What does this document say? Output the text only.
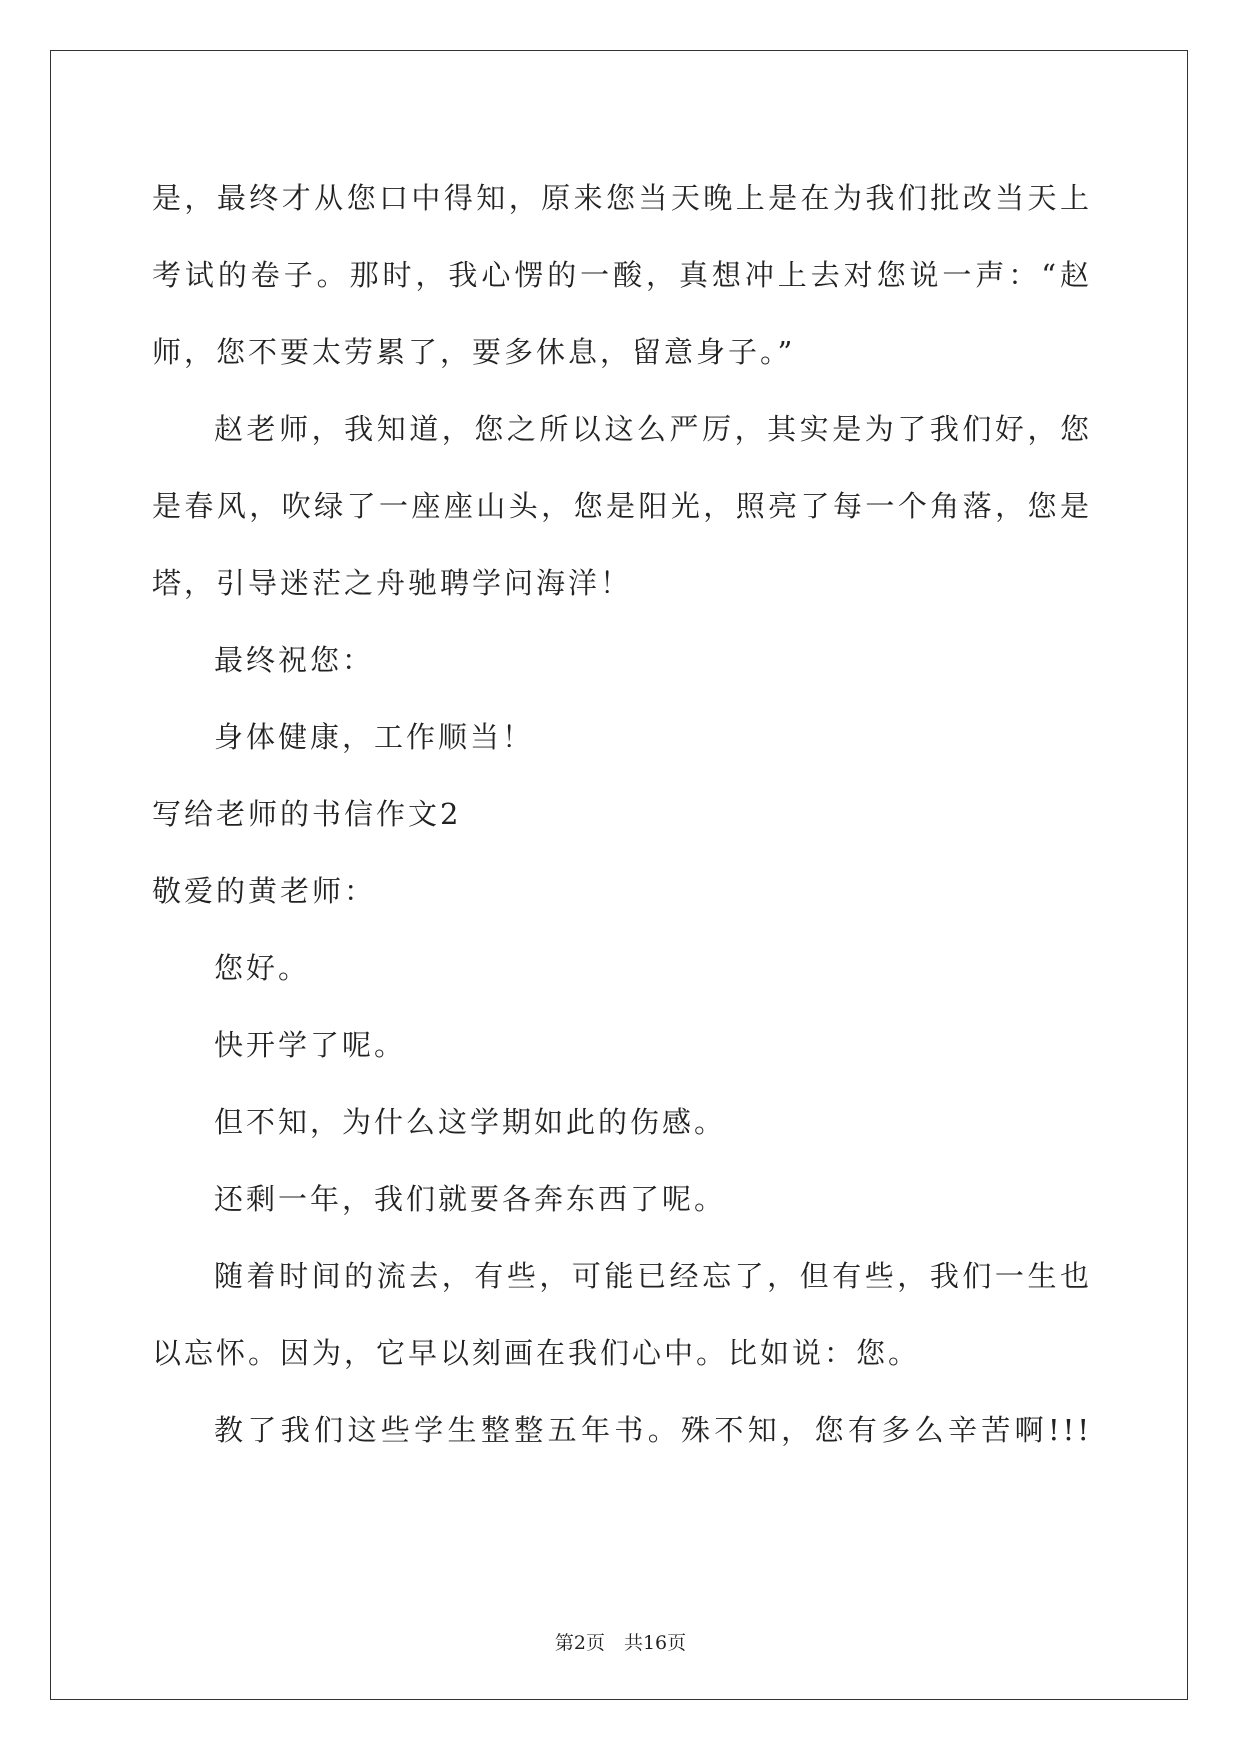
是，最终才从您口中得知，原来您当天晚上是在为我们批改当天上
考试的卷子。那时，我心愣的一酸，真想冲上去对您说一声：“赵
师，您不要太劳累了，要多休息，留意身子。”
赵老师，我知道，您之所以这么严厉，其实是为了我们好，您
是春风，吹绿了一座座山头，您是阳光，照亮了每一个角落，您是
塔，引导迷茫之舟驰聘学问海洋！
最终祝您：
身体健康，工作顺当！
写给老师的书信作文2
敬爱的黄老师：
您好。
快开学了呢。
但不知，为什么这学期如此的伤感。
还剩一年，我们就要各奔东西了呢。
随着时间的流去，有些，可能已经忘了，但有些，我们一生也
以忘怀。因为，它早以刻画在我们心中。比如说：您。
教了我们这些学生整整五年书。殊不知，您有多么辛苦啊!!!
第2页　共16页
